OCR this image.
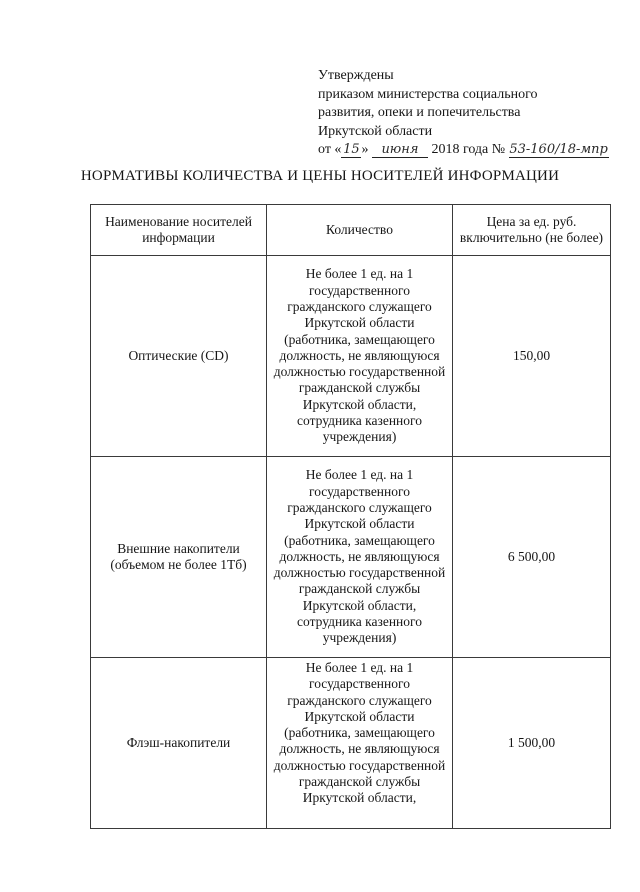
Утверждены
приказом министерства социального
развития, опеки и попечительства
Иркутской области
от « 15 » июня 2018 года № 53-160/18-мпр
НОРМАТИВЫ КОЛИЧЕСТВА И ЦЕНЫ НОСИТЕЛЕЙ ИНФОРМАЦИИ
Наименование носителей информации	Количество	Цена за ед. руб. включительно (не более)
Оптические (CD)	Не более 1 ед. на 1 государственного гражданского служащего Иркутской области (работника, замещающего должность, не являющуюся должностью государственной гражданской службы Иркутской области, сотрудника казенного учреждения)	150,00
Внешние накопители (объемом не более 1Тб)	Не более 1 ед. на 1 государственного гражданского служащего Иркутской области (работника, замещающего должность, не являющуюся должностью государственной гражданской службы Иркутской области, сотрудника казенного учреждения)	6 500,00
Флэш-накопители	Не более 1 ед. на 1 государственного гражданского служащего Иркутской области (работника, замещающего должность, не являющуюся должностью государственной гражданской службы Иркутской области,	1 500,00
